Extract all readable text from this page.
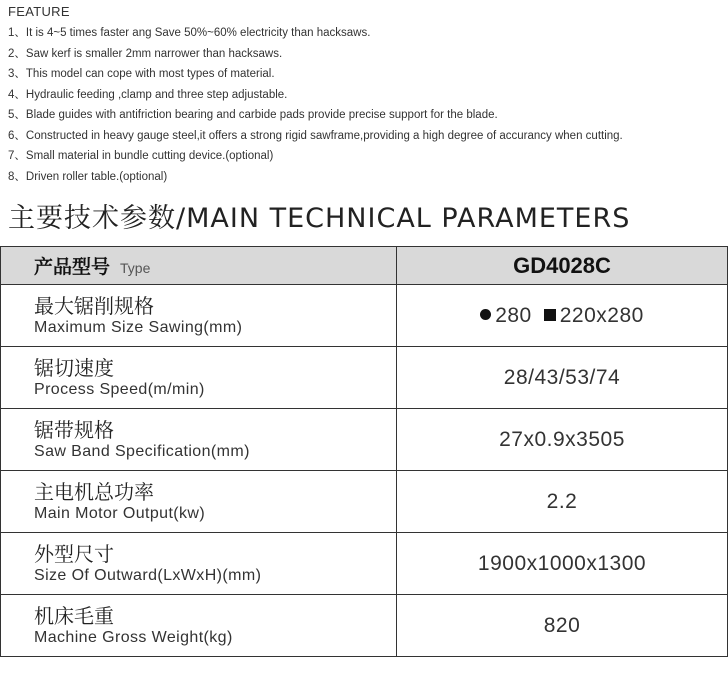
FEATURE
1、It is 4~5 times faster ang Save 50%~60% electricity than hacksaws.
2、Saw kerf is smaller 2mm narrower than hacksaws.
3、This model can cope with most types of material.
4、Hydraulic feeding ,clamp and three step adjustable.
5、Blade guides with antifriction bearing and carbide pads provide precise support for the blade.
6、Constructed in heavy gauge steel,it offers a strong rigid sawframe,providing a high degree of accurancy when cutting.
7、Small material in bundle cutting device.(optional)
8、Driven roller table.(optional)
主要技术参数/MAIN TECHNICAL PARAMETERS
产品型号 Type	GD4028C

最大锯削规格
Maximum Size Sawing(mm)	280 220x280

锯切速度
Process Speed(m/min)	28/43/53/74

锯带规格
Saw Band Specification(mm)	27x0.9x3505

主电机总功率
Main Motor Output(kw)	2.2

外型尺寸
Size Of Outward(LxWxH)(mm)	1900x1000x1300

机床毛重
Machine Gross Weight(kg)	820
